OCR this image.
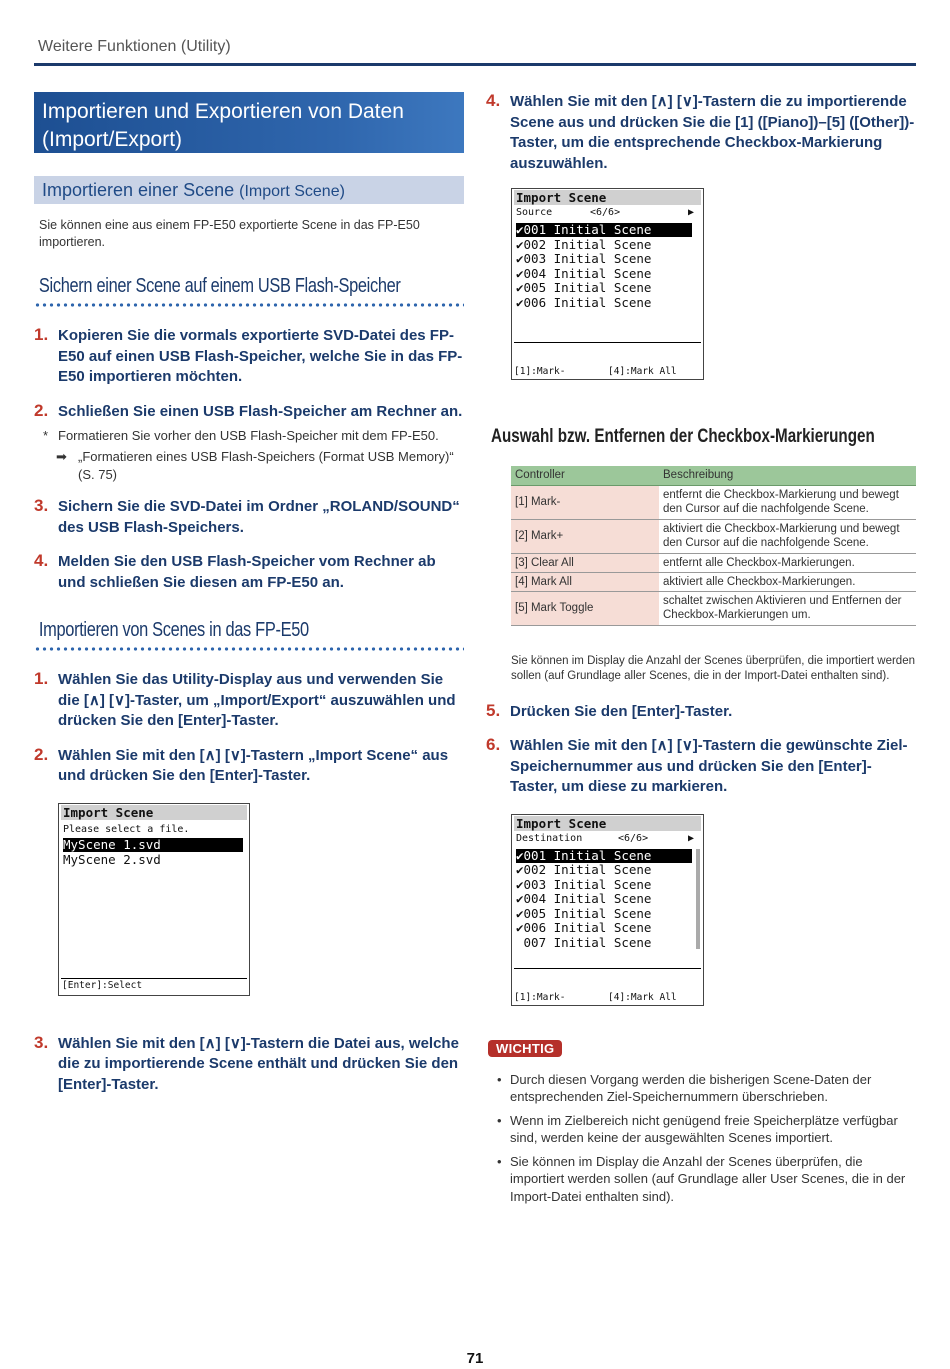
Weitere Funktionen (Utility)
Importieren und Exportieren von Daten
(Import/Export)
Importieren einer Scene (Import Scene)
Sie können eine aus einem FP-E50 exportierte Scene in das FP-E50 importieren.
Sichern einer Scene auf einem USB Flash-Speicher
1. Kopieren Sie die vormals exportierte SVD-Datei des FP-E50 auf einen USB Flash-Speicher, welche Sie in das FP-E50 importieren möchten.
2. Schließen Sie einen USB Flash-Speicher am Rechner an.
* Formatieren Sie vorher den USB Flash-Speicher mit dem FP-E50.
➡ „Formatieren eines USB Flash-Speichers (Format USB Memory)“ (S. 75)
3. Sichern Sie die SVD-Datei im Ordner „ROLAND/SOUND“ des USB Flash-Speichers.
4. Melden Sie den USB Flash-Speicher vom Rechner ab und schließen Sie diesen am FP-E50 an.
Importieren von Scenes in das FP-E50
1. Wählen Sie das Utility-Display aus und verwenden Sie die [∧] [∨]-Taster, um „Import/Export“ auszuwählen und drücken Sie den [Enter]-Taster.
2. Wählen Sie mit den [∧] [∨]-Tastern „Import Scene“ aus und drücken Sie den [Enter]-Taster.
Import Scene
Please select a file.
MyScene 1.svd
MyScene 2.svd
[Enter]:Select
3. Wählen Sie mit den [∧] [∨]-Tastern die Datei aus, welche die zu importierende Scene enthält und drücken Sie den [Enter]-Taster.
4. Wählen Sie mit den [∧] [∨]-Tastern die zu importierende Scene aus und drücken Sie die [1] ([Piano])–[5] ([Other])-Taster, um die entsprechende Checkbox-Markierung auszuwählen.
Import Scene
Source	<6/6>	▶
✔001 Initial Scene
✔002 Initial Scene
✔003 Initial Scene
✔004 Initial Scene
✔005 Initial Scene
✔006 Initial Scene

[1]:Mark-

	[4]:Mark All

Auswahl bzw. Entfernen der Checkbox-Markierungen
Controller	Beschreibung
[1] Mark-	entfernt die Checkbox-Markierung und bewegt den Cursor auf die nachfolgende Scene.
[2] Mark+	aktiviert die Checkbox-Markierung und bewegt den Cursor auf die nachfolgende Scene.
[3] Clear All	entfernt alle Checkbox-Markierungen.
[4] Mark All	aktiviert alle Checkbox-Markierungen.
[5] Mark Toggle	schaltet zwischen Aktivieren und Entfernen der Checkbox-Markierungen um.
Sie können im Display die Anzahl der Scenes überprüfen, die importiert werden sollen (auf Grundlage aller Scenes, die in der Import-Datei enthalten sind).
5. Drücken Sie den [Enter]-Taster.
6. Wählen Sie mit den [∧] [∨]-Tastern die gewünschte Ziel-Speichernummer aus und drücken Sie den [Enter]-Taster, um diese zu markieren.
Import Scene
Destination	<6/6>	▶
✔001 Initial Scene
✔002 Initial Scene
✔003 Initial Scene
✔004 Initial Scene
✔005 Initial Scene
✔006 Initial Scene
007 Initial Scene

[1]:Mark-

	[4]:Mark All

WICHTIG
• Durch diesen Vorgang werden die bisherigen Scene-Daten der entsprechenden Ziel-Speichernummern überschrieben.
• Wenn im Zielbereich nicht genügend freie Speicherplätze verfügbar sind, werden keine der ausgewählten Scenes importiert.
• Sie können im Display die Anzahl der Scenes überprüfen, die importiert werden sollen (auf Grundlage aller User Scenes, die in der Import-Datei enthalten sind).
71
